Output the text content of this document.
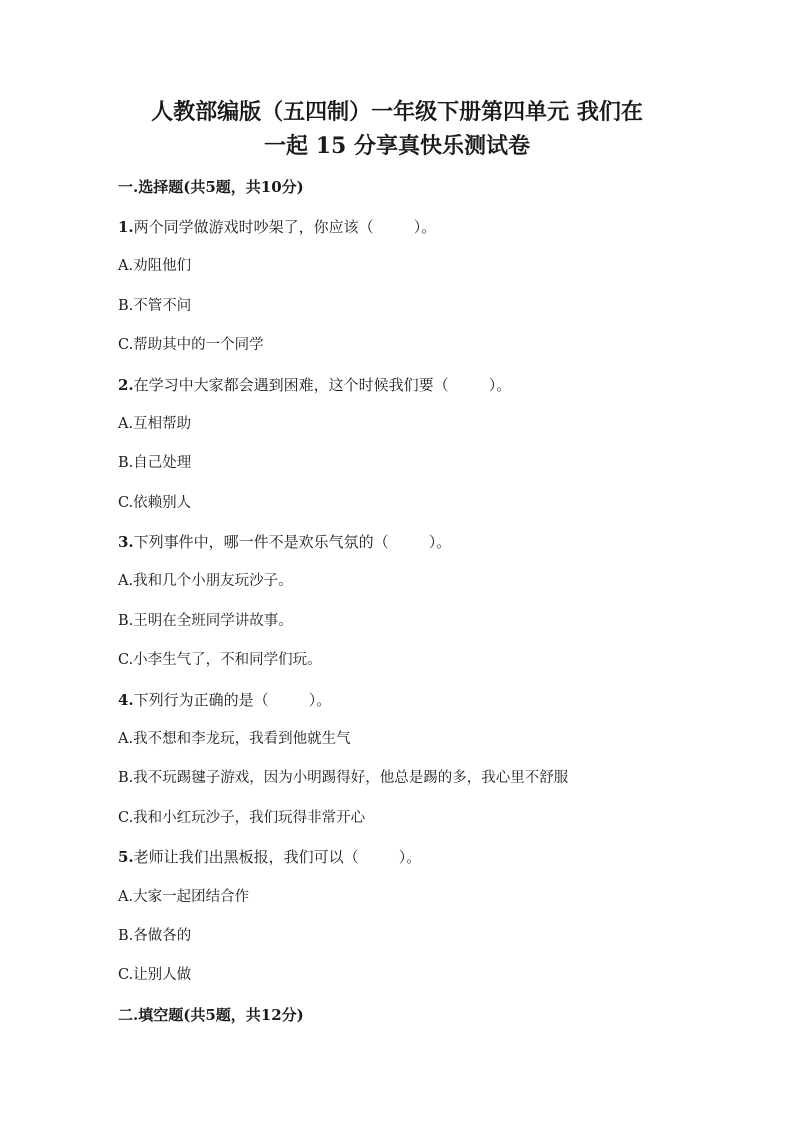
人教部编版（五四制）一年级下册第四单元 我们在
一起 15 分享真快乐测试卷
一.选择题(共5题，共10分)
1.两个同学做游戏时吵架了，你应该（	）。
A.劝阻他们
B.不管不问
C.帮助其中的一个同学
2.在学习中大家都会遇到困难，这个时候我们要（	）。
A.互相帮助
B.自己处理
C.依赖别人
3.下列事件中，哪一件不是欢乐气氛的（	）。
A.我和几个小朋友玩沙子。
B.王明在全班同学讲故事。
C.小李生气了，不和同学们玩。
4.下列行为正确的是（	）。
A.我不想和李龙玩，我看到他就生气
B.我不玩踢毽子游戏，因为小明踢得好，他总是踢的多，我心里不舒服
C.我和小红玩沙子，我们玩得非常开心
5.老师让我们出黑板报，我们可以（	）。
A.大家一起团结合作
B.各做各的
C.让别人做
二.填空题(共5题，共12分)
